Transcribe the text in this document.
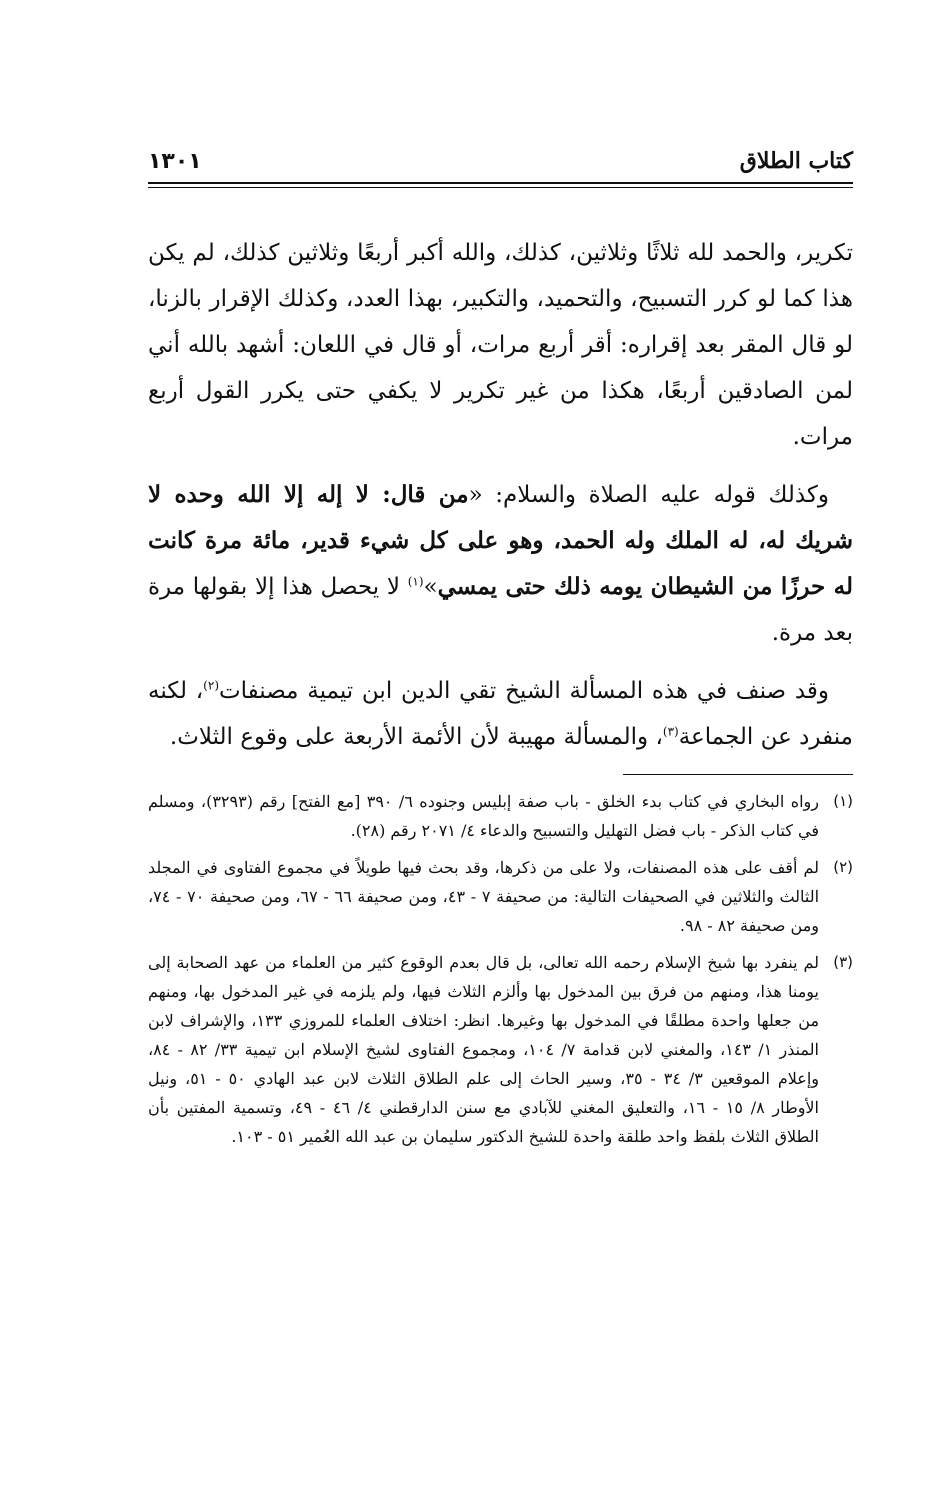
كتاب الطلاق
١٣٠١

تكرير، والحمد لله ثلاثًا وثلاثين، كذلك، والله أكبر أربعًا وثلاثين كذلك، لم يكن هذا كما لو كرر التسبيح، والتحميد، والتكبير، بهذا العدد، وكذلك الإقرار بالزنا، لو قال المقر بعد إقراره: أقر أربع مرات، أو قال في اللعان: أشهد بالله أني لمن الصادقين أربعًا، هكذا من غير تكرير لا يكفي حتى يكرر القول أربع مرات.

وكذلك قوله عليه الصلاة والسلام: «من قال: لا إله إلا الله وحده لا شريك له، له الملك وله الحمد، وهو على كل شيء قدير، مائة مرة كانت له حرزًا من الشيطان يومه ذلك حتى يمسي»$^{(١)}$ لا يحصل هذا إلا بقولها مرة بعد مرة.

وقد صنف في هذه المسألة الشيخ تقي الدين ابن تيمية مصنفات$^{(٢)}$، لكنه منفرد عن الجماعة$^{(٣)}$، والمسألة مهيبة لأن الأئمة الأربعة على وقوع الثلاث.

(١)
رواه البخاري في كتاب بدء الخلق - باب صفة إبليس وجنوده ٦/ ٣٩٠ [مع الفتح] رقم (٣٢٩٣)، ومسلم في كتاب الذكر - باب فضل التهليل والتسبيح والدعاء ٤/ ٢٠٧١ رقم (٢٨).
(٢)
لم أقف على هذه المصنفات، ولا على من ذكرها، وقد بحث فيها طويلاً في مجموع الفتاوى في المجلد الثالث والثلاثين في الصحيفات التالية: من صحيفة ٧ - ٤٣، ومن صحيفة ٦٦ - ٦٧، ومن صحيفة ٧٠ - ٧٤، ومن صحيفة ٨٢ - ٩٨.
(٣)
لم ينفرد بها شيخ الإسلام رحمه الله تعالى، بل قال بعدم الوقوع كثير من العلماء من عهد الصحابة إلى يومنا هذا، ومنهم من فرق بين المدخول بها وألزم الثلاث فيها، ولم يلزمه في غير المدخول بها، ومنهم من جعلها واحدة مطلقًا في المدخول بها وغيرها. انظر: اختلاف العلماء للمروزي ١٣٣، والإشراف لابن المنذر ١/ ١٤٣، والمغني لابن قدامة ٧/ ١٠٤، ومجموع الفتاوى لشيخ الإسلام ابن تيمية ٣٣/ ٨٢ - ٨٤، وإعلام الموقعين ٣/ ٣٤ - ٣٥، وسير الحاث إلى علم الطلاق الثلاث لابن عبد الهادي ٥٠ - ٥١، ونيل الأوطار ٨/ ١٥ - ١٦، والتعليق المغني للآبادي مع سنن الدارقطني ٤/ ٤٦ - ٤٩، وتسمية المفتين بأن الطلاق الثلاث بلفظ واحد طلقة واحدة للشيخ الدكتور سليمان بن عبد الله العُمير ٥١ - ١٠٣.
